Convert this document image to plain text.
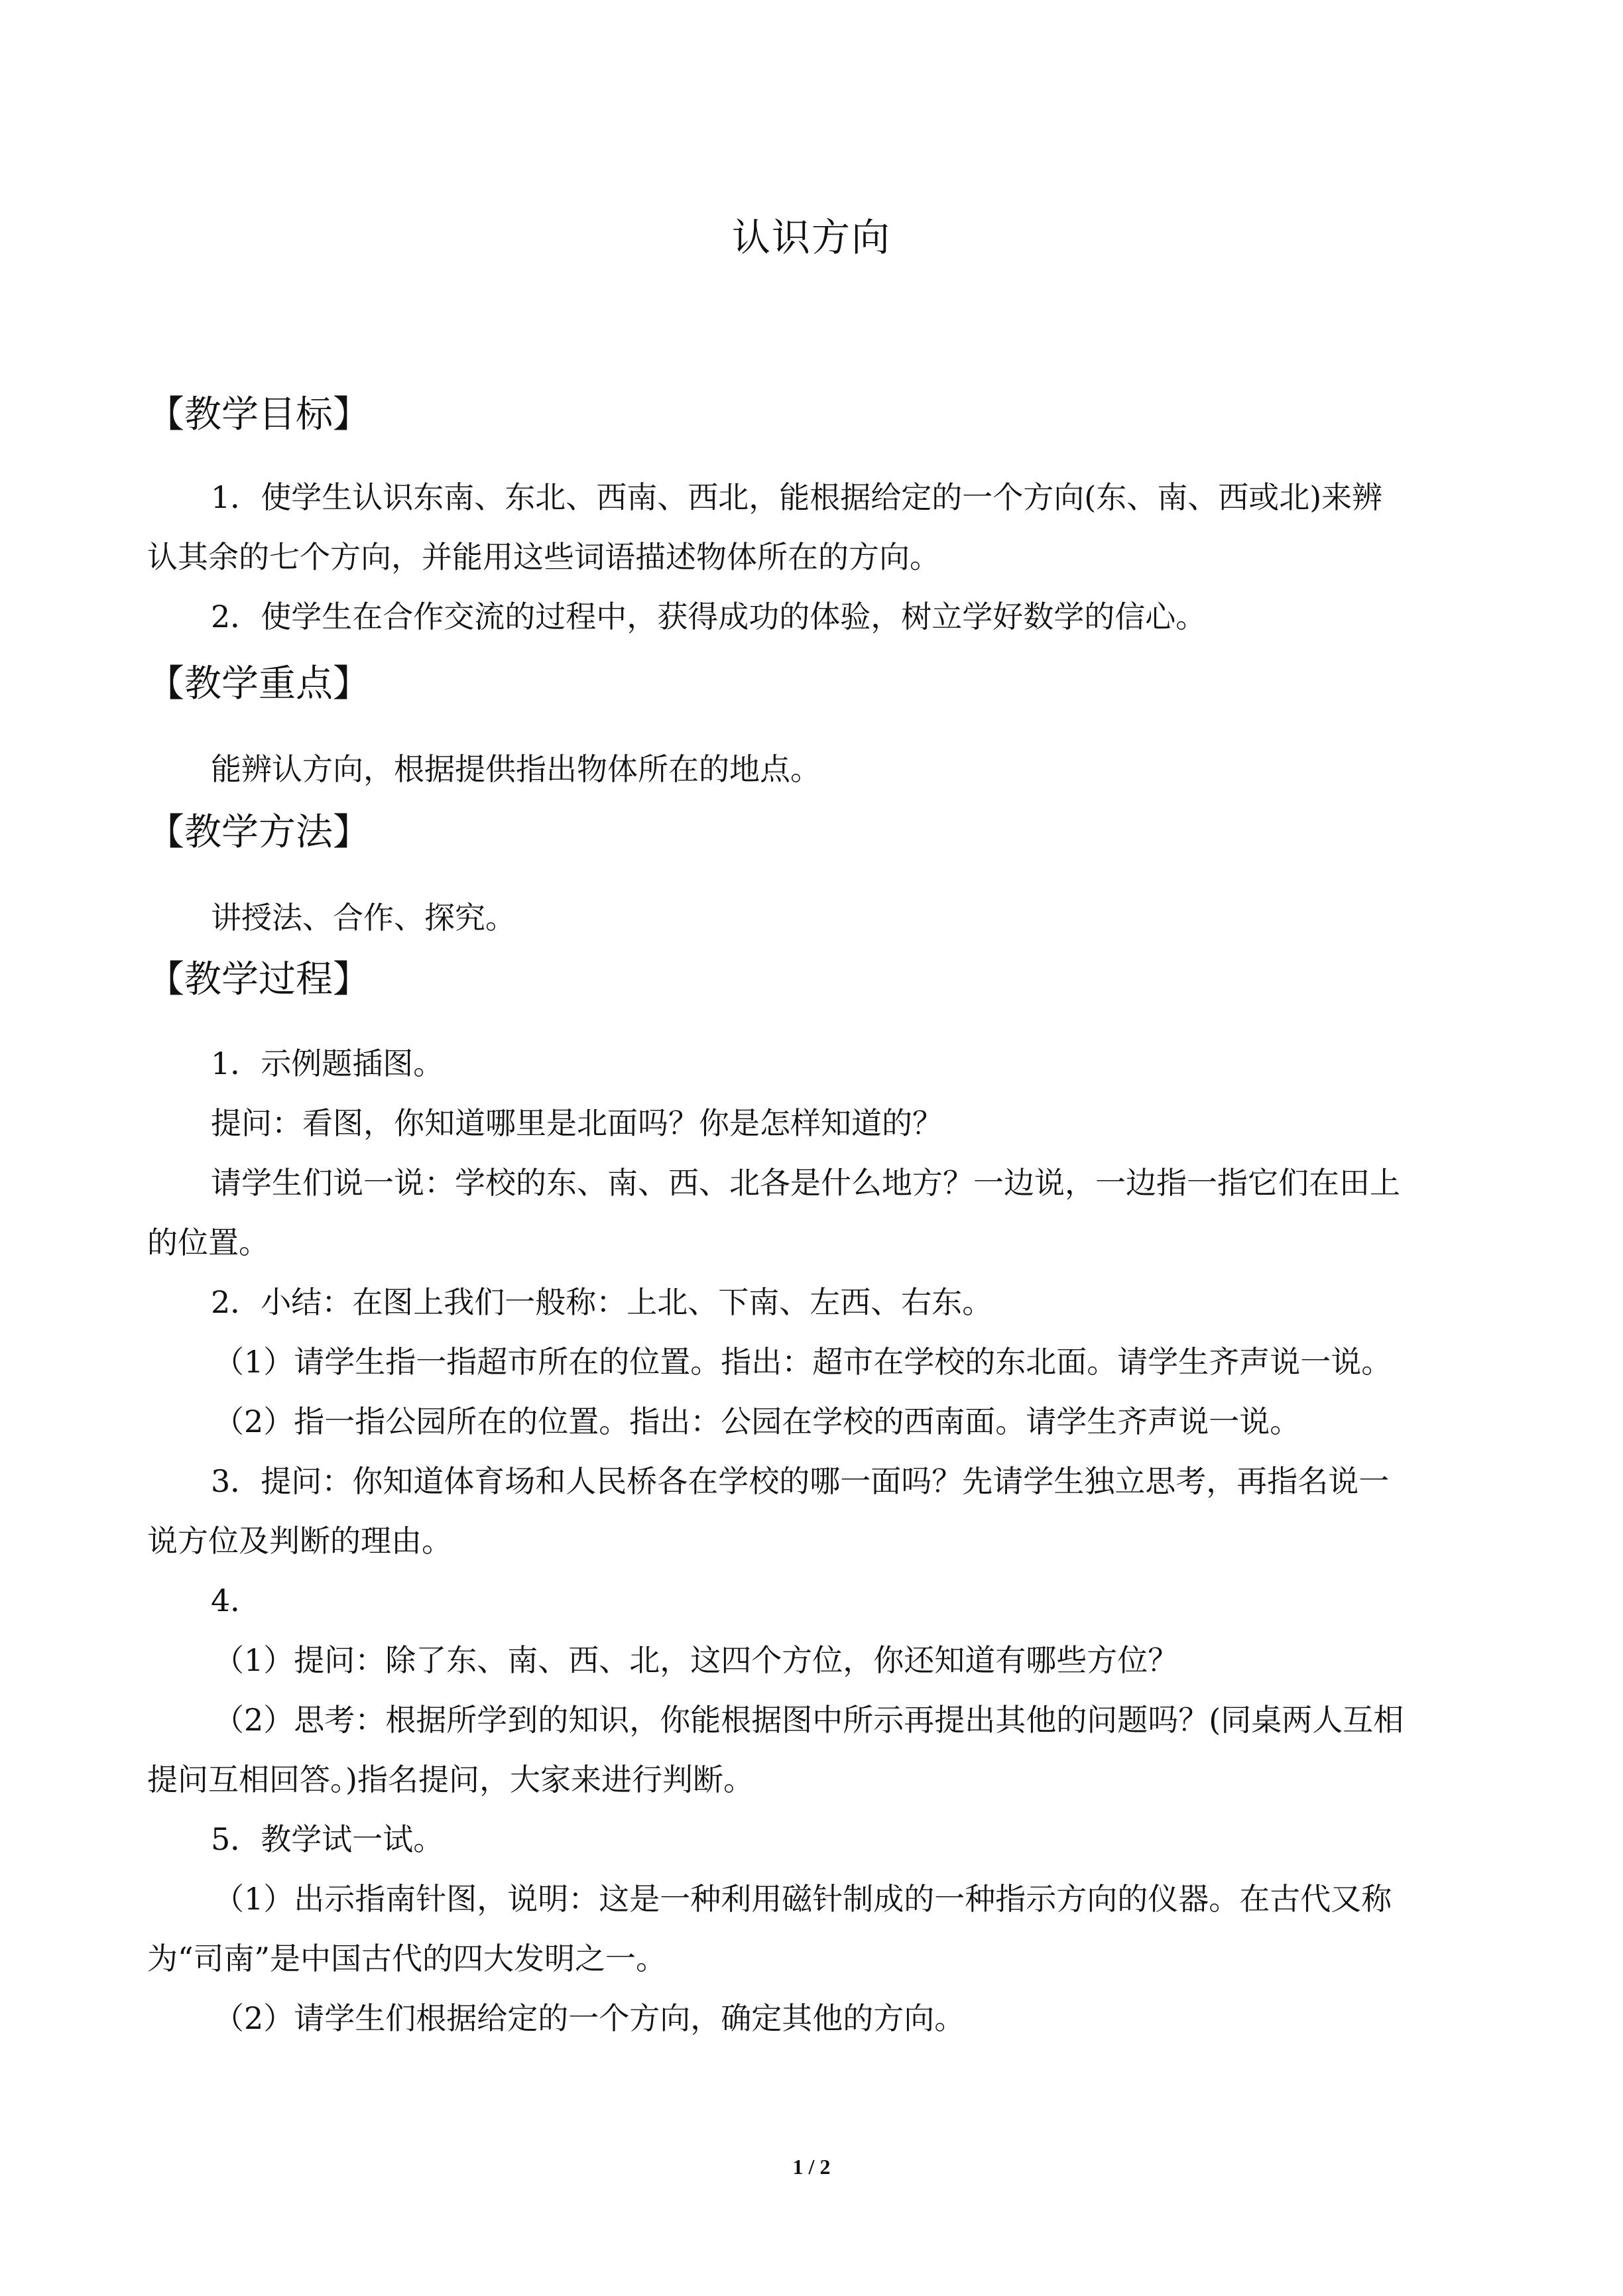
认识方向
【教学目标】
1．使学生认识东南、东北、西南、西北，能根据给定的一个方向(东、南、西或北)来辨
认其余的七个方向，并能用这些词语描述物体所在的方向。
2．使学生在合作交流的过程中，获得成功的体验，树立学好数学的信心。
【教学重点】
能辨认方向，根据提供指出物体所在的地点。
【教学方法】
讲授法、合作、探究。
【教学过程】
1．示例题插图。
提问：看图，你知道哪里是北面吗？你是怎样知道的？
请学生们说一说：学校的东、南、西、北各是什么地方？一边说，一边指一指它们在田上
的位置。
2．小结：在图上我们一般称：上北、下南、左西、右东。
（1）请学生指一指超市所在的位置。指出：超市在学校的东北面。请学生齐声说一说。
（2）指一指公园所在的位置。指出：公园在学校的西南面。请学生齐声说一说。
3．提问：你知道体育场和人民桥各在学校的哪一面吗？先请学生独立思考，再指名说一
说方位及判断的理由。
4．
（1）提问：除了东、南、西、北，这四个方位，你还知道有哪些方位？
（2）思考：根据所学到的知识，你能根据图中所示再提出其他的问题吗？(同桌两人互相
提问互相回答。)指名提问，大家来进行判断。
5．教学试一试。
（1）出示指南针图，说明：这是一种利用磁针制成的一种指示方向的仪器。在古代又称
为“司南”是中国古代的四大发明之一。
（2）请学生们根据给定的一个方向，确定其他的方向。
1 / 2
